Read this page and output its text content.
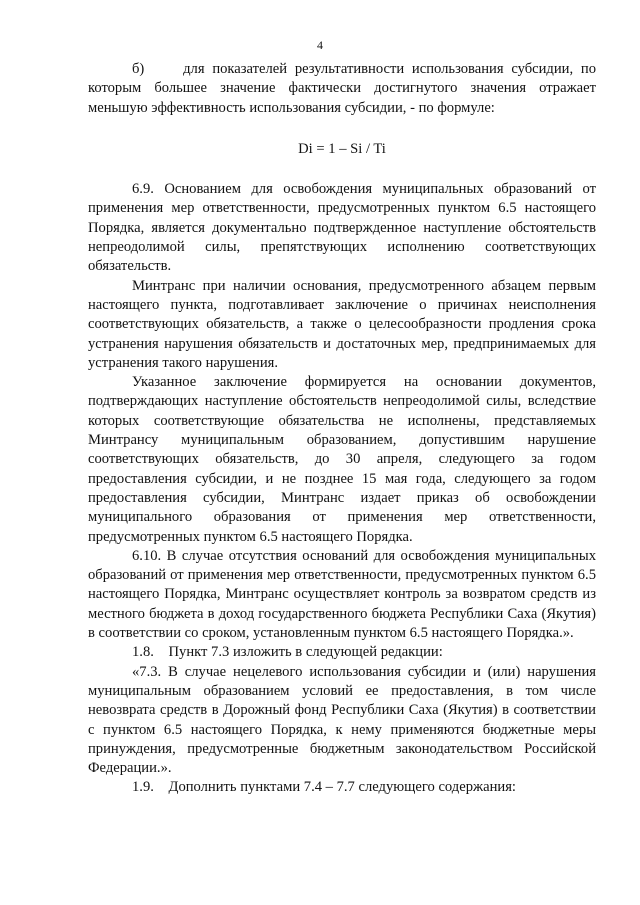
4

б)     для показателей результативности использования субсидии, по которым большее значение фактически достигнутого значения отражает меньшую эффективность использования субсидии, - по формуле:

Di = 1 – Si / Ti

6.9. Основанием для освобождения муниципальных образований от применения мер ответственности, предусмотренных пунктом 6.5 настоящего Порядка, является документально подтвержденное наступление обстоятельств непреодолимой силы, препятствующих исполнению соответствующих обязательств.

Минтранс при наличии основания, предусмотренного абзацем первым настоящего пункта, подготавливает заключение о причинах неисполнения соответствующих обязательств, а также о целесообразности продления срока устранения нарушения обязательств и достаточных мер, предпринимаемых для устранения такого нарушения.

Указанное заключение формируется на основании документов, подтверждающих наступление обстоятельств непреодолимой силы, вследствие которых соответствующие обязательства не исполнены, представляемых Минтрансу муниципальным образованием, допустившим нарушение соответствующих обязательств, до 30 апреля, следующего за годом предоставления субсидии, и не позднее 15 мая года, следующего за годом предоставления субсидии, Минтранс издает приказ об освобождении муниципального образования от применения мер ответственности, предусмотренных пунктом 6.5 настоящего Порядка.

6.10. В случае отсутствия оснований для освобождения муниципальных образований от применения мер ответственности, предусмотренных пунктом 6.5 настоящего Порядка, Минтранс осуществляет контроль за возвратом средств из местного бюджета в доход государственного бюджета Республики Саха (Якутия) в соответствии со сроком, установленным пунктом 6.5 настоящего Порядка.».

1.8.    Пункт 7.3 изложить в следующей редакции:

«7.3. В случае нецелевого использования субсидии и (или) нарушения муниципальным образованием условий ее предоставления, в том числе невозврата средств в Дорожный фонд Республики Саха (Якутия) в соответствии с пунктом 6.5 настоящего Порядка, к нему применяются бюджетные меры принуждения, предусмотренные бюджетным законодательством Российской Федерации.».

1.9.    Дополнить пунктами 7.4 – 7.7 следующего содержания:
